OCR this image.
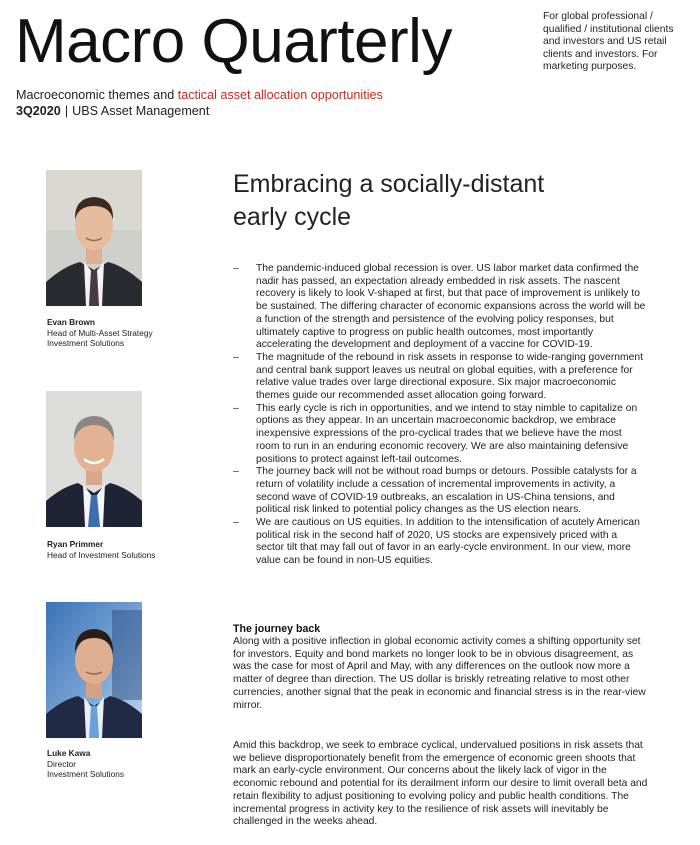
Macro Quarterly	For global professional / qualified / institutional clients and investors and US retail clients and investors. For marketing purposes.
Macroeconomic themes and tactical asset allocation opportunities
3Q2020 | UBS Asset Management
Evan Brown
Head of Multi-Asset Strategy
Investment Solutions
Ryan Primmer
Head of Investment Solutions
Luke Kawa
Director
Investment Solutions
Embracing a socially-distant
early cycle
– The pandemic-induced global recession is over. US labor market data confirmed the nadir has passed, an expectation already embedded in risk assets. The nascent recovery is likely to look V-shaped at first, but that pace of improvement is unlikely to be sustained. The differing character of economic expansions across the world will be a function of the strength and persistence of the evolving policy responses, but ultimately captive to progress on public health outcomes, most importantly accelerating the development and deployment of a vaccine for COVID-19.
– The magnitude of the rebound in risk assets in response to wide-ranging government and central bank support leaves us neutral on global equities, with a preference for relative value trades over large directional exposure. Six major macroeconomic themes guide our recommended asset allocation going forward.
– This early cycle is rich in opportunities, and we intend to stay nimble to capitalize on options as they appear. In an uncertain macroeconomic backdrop, we embrace inexpensive expressions of the pro-cyclical trades that we believe have the most room to run in an enduring economic recovery. We are also maintaining defensive positions to protect against left-tail outcomes.
– The journey back will not be without road bumps or detours. Possible catalysts for a return of volatility include a cessation of incremental improvements in activity, a second wave of COVID-19 outbreaks, an escalation in US-China tensions, and political risk linked to potential policy changes as the US election nears.
– We are cautious on US equities. In addition to the intensification of acutely American political risk in the second half of 2020, US stocks are expensively priced with a sector tilt that may fall out of favor in an early-cycle environment. In our view, more value can be found in non-US equities.
The journey back

Along with a positive inflection in global economic activity comes a shifting opportunity set for investors. Equity and bond markets no longer look to be in obvious disagreement, as was the case for most of April and May, with any differences on the outlook now more a matter of degree than direction. The US dollar is briskly retreating relative to most other currencies, another signal that the peak in economic and financial stress is in the rear-view mirror.

Amid this backdrop, we seek to embrace cyclical, undervalued positions in risk assets that we believe disproportionately benefit from the emergence of economic green shoots that mark an early-cycle environment. Our concerns about the likely lack of vigor in the economic rebound and potential for its derailment inform our desire to limit overall beta and retain flexibility to adjust positioning to evolving policy and public health conditions. The incremental progress in activity key to the resilience of risk assets will inevitably be challenged in the weeks ahead.
